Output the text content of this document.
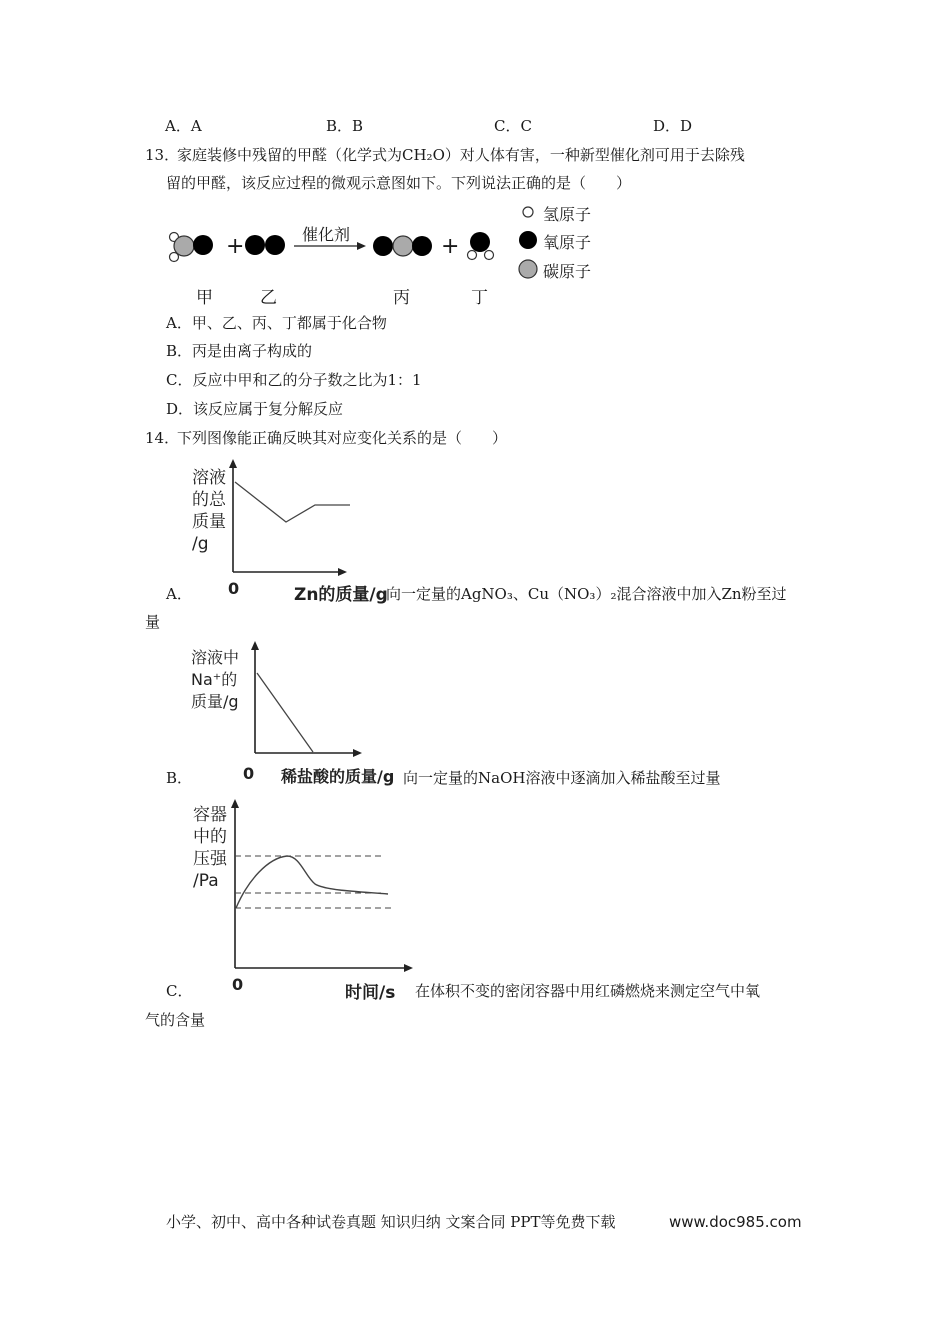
A．A	B．B	C．C	D．D
13．
家庭装修中残留的甲醛（化学式为CH₂O）对人体有害，一种新型催化剂可用于去除残
留的甲醛，该反应过程的微观示意图如下。下列说法正确的是（　　）
+	+
催化剂
甲	乙	丙	丁
氢原子
氧原子
碳原子
A．甲、乙、丙、丁都属于化合物
B．丙是由离子构成的
C．反应中甲和乙的分子数之比为1：1
D．该反应属于复分解反应
14．
下列图像能正确反映其对应变化关系的是（　　）
溶液
的总
质量
/g
0	Zn的质量/g
A．	向一定量的AgNO₃、Cu（NO₃）₂混合溶液中加入Zn粉至过
量
溶液中
Na⁺的
质量/g
0 稀盐酸的质量/g
B．	向一定量的NaOH溶液中逐滴加入稀盐酸至过量
容器
中的
压强
/Pa
0	时间/s
C．	在体积不变的密闭容器中用红磷燃烧来测定空气中氧
气的含量
小学、初中、高中各种试卷真题 知识归纳 文案合同 PPT等免费下载	www.doc985.com
